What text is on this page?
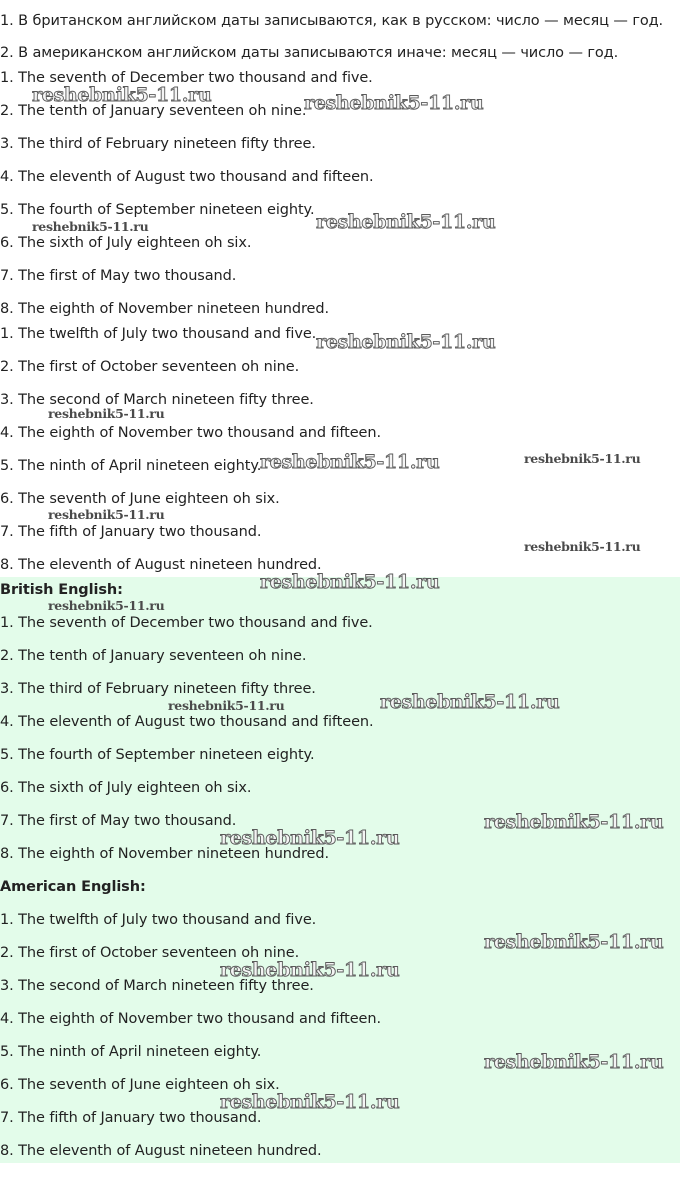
1. В британском английском даты записываются, как в русском: число — месяц — год.
2. В американском английском даты записываются иначе: месяц — число — год.
1. The seventh of December two thousand and five.
2. The tenth of January seventeen oh nine.
3. The third of February nineteen fifty three.
4. The eleventh of August two thousand and fifteen.
5. The fourth of September nineteen eighty.
6. The sixth of July eighteen oh six.
7. The first of May two thousand.
8. The eighth of November nineteen hundred.
1. The twelfth of July two thousand and five.
2. The first of October seventeen oh nine.
3. The second of March nineteen fifty three.
4. The eighth of November two thousand and fifteen.
5. The ninth of April nineteen eighty.
6. The seventh of June eighteen oh six.
7. The fifth of January two thousand.
8. The eleventh of August nineteen hundred.
British English:
1. The seventh of December two thousand and five.
2. The tenth of January seventeen oh nine.
3. The third of February nineteen fifty three.
4. The eleventh of August two thousand and fifteen.
5. The fourth of September nineteen eighty.
6. The sixth of July eighteen oh six.
7. The first of May two thousand.
8. The eighth of November nineteen hundred.
American English:
1. The twelfth of July two thousand and five.
2. The first of October seventeen oh nine.
3. The second of March nineteen fifty three.
4. The eighth of November two thousand and fifteen.
5. The ninth of April nineteen eighty.
6. The seventh of June eighteen oh six.
7. The fifth of January two thousand.
8. The eleventh of August nineteen hundred.
reshebnik5-11.ru	reshebnik5-11.ru
reshebnik5-11.ru	reshebnik5-11.ru
reshebnik5-11.ru
reshebnik5-11.ru
reshebnik5-11.ru	reshebnik5-11.ru
reshebnik5-11.ru
reshebnik5-11.ru
reshebnik5-11.ru
reshebnik5-11.ru
reshebnik5-11.ru	reshebnik5-11.ru
reshebnik5-11.ru
reshebnik5-11.ru
reshebnik5-11.ru
reshebnik5-11.ru
reshebnik5-11.ru
reshebnik5-11.ru
